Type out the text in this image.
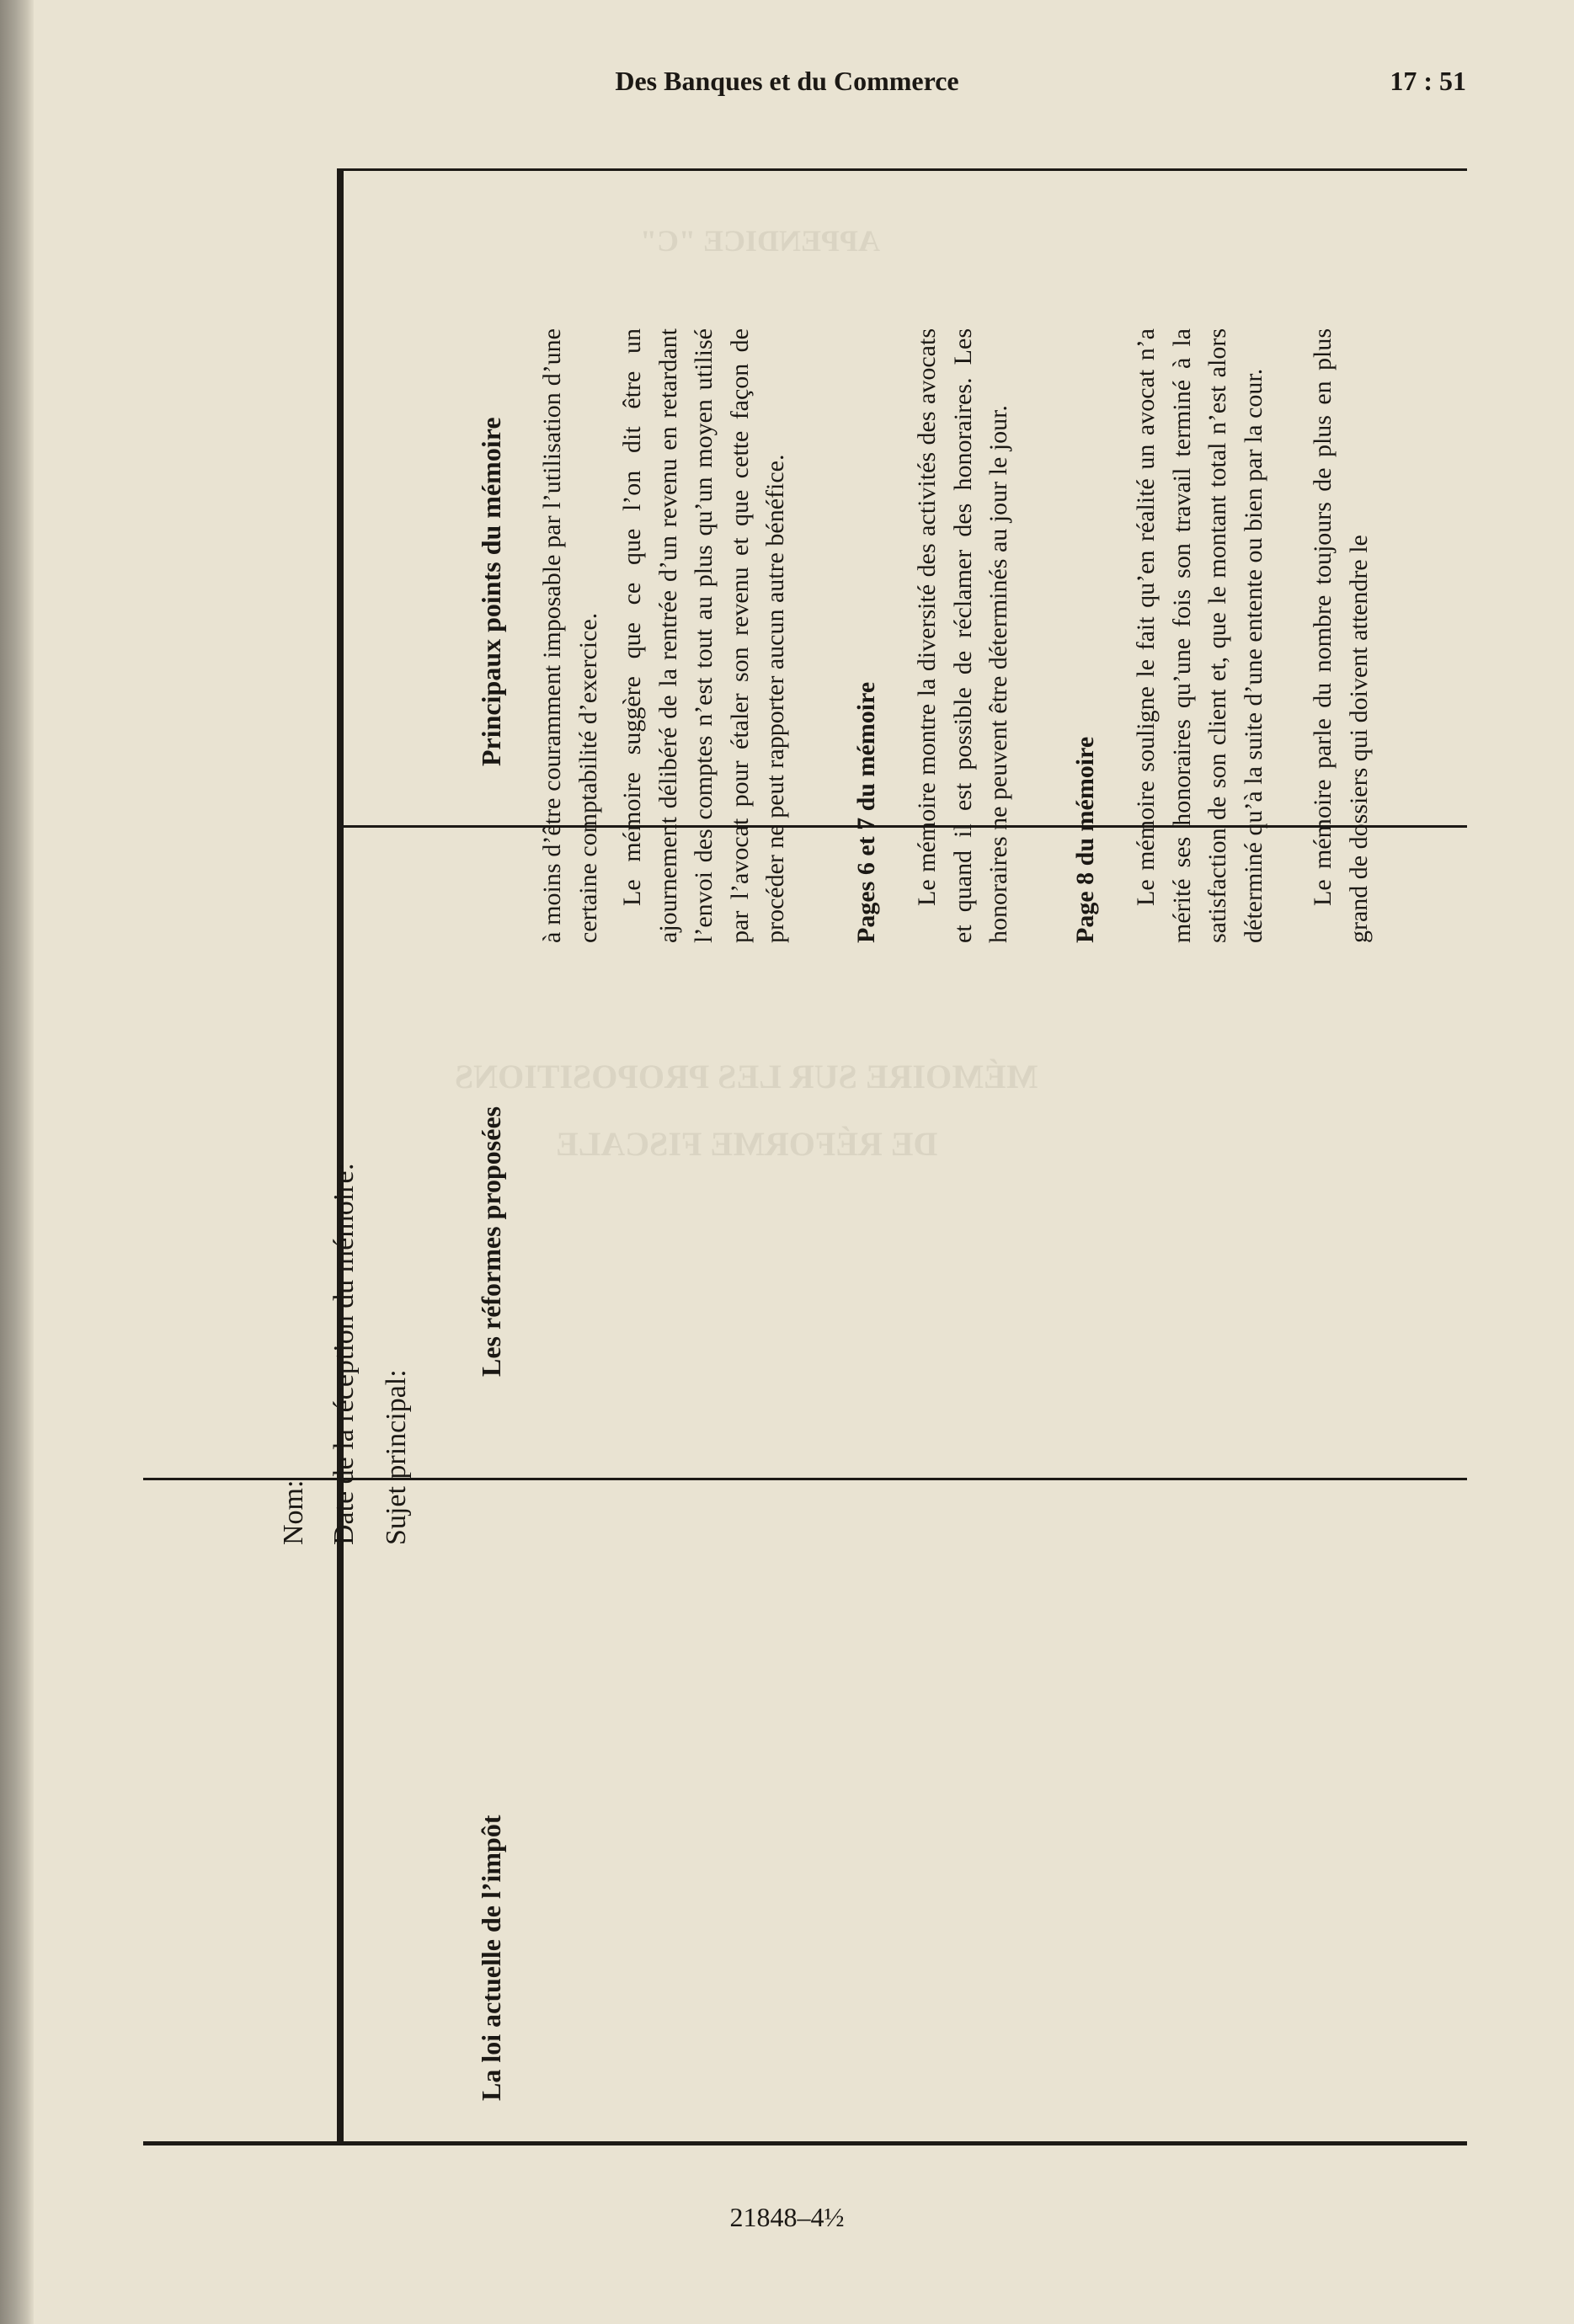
MÉMOIRE SUR LES PROPOSITIONS
DE RÉFORME FISCALE
APPENDICE "C"
Des Banques et du Commerce	17 : 51
Nom: Date de la réception du mémoire: Sujet principal:
La loi actuelle de l’impôt
Les réformes proposées
Principaux points du mémoire à moins d’être couramment imposable par l’utilisation d’une certaine comptabilité d’exercice. Le mémoire suggère que ce que l’on dit être un ajournement délibéré de la rentrée d’un revenu en retardant l’envoi des comptes n’est tout au plus qu’un moyen utilisé par l’avocat pour étaler son revenu et que cette façon de procéder ne peut rapporter aucun autre bénéfice.	Pages 6 et 7 du mémoire Le mémoire montre la diversité des activités des avocats et quand il est possible de réclamer des honoraires. Les honoraires ne peuvent être déterminés au jour le jour. Page 8 du mémoire Le mémoire souligne le fait qu’en réalité un avocat n’a mérité ses honoraires qu’une fois son travail terminé à la satisfaction de son client et, que le montant total n’est alors déterminé qu’à la suite d’une entente ou bien par la cour. Le mémoire parle du nombre toujours de plus en plus grand de dossiers qui doivent attendre le

21848–4½
